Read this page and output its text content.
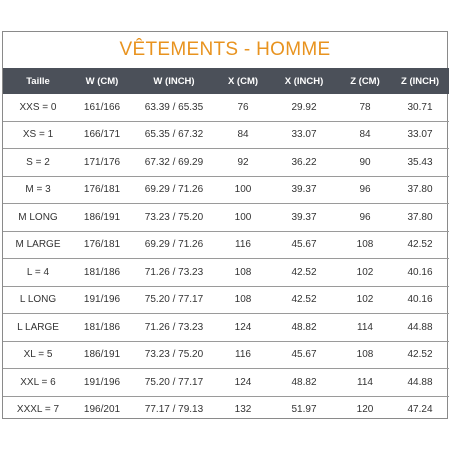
VÊTEMENTS - HOMME
Taille	W (CM)	W (INCH)	X (CM)	X (INCH)	Z (CM)	Z (INCH)
XXS = 0	161/166	63.39 / 65.35	76	29.92	78	30.71
XS = 1	166/171	65.35 / 67.32	84	33.07	84	33.07
S = 2	171/176	67.32 / 69.29	92	36.22	90	35.43
M = 3	176/181	69.29 / 71.26	100	39.37	96	37.80
M LONG	186/191	73.23 / 75.20	100	39.37	96	37.80
M LARGE	176/181	69.29 / 71.26	116	45.67	108	42.52
L = 4	181/186	71.26 / 73.23	108	42.52	102	40.16
L LONG	191/196	75.20 / 77.17	108	42.52	102	40.16
L LARGE	181/186	71.26 / 73.23	124	48.82	114	44.88
XL = 5	186/191	73.23 / 75.20	116	45.67	108	42.52
XXL = 6	191/196	75.20 / 77.17	124	48.82	114	44.88
XXXL = 7	196/201	77.17 / 79.13	132	51.97	120	47.24
